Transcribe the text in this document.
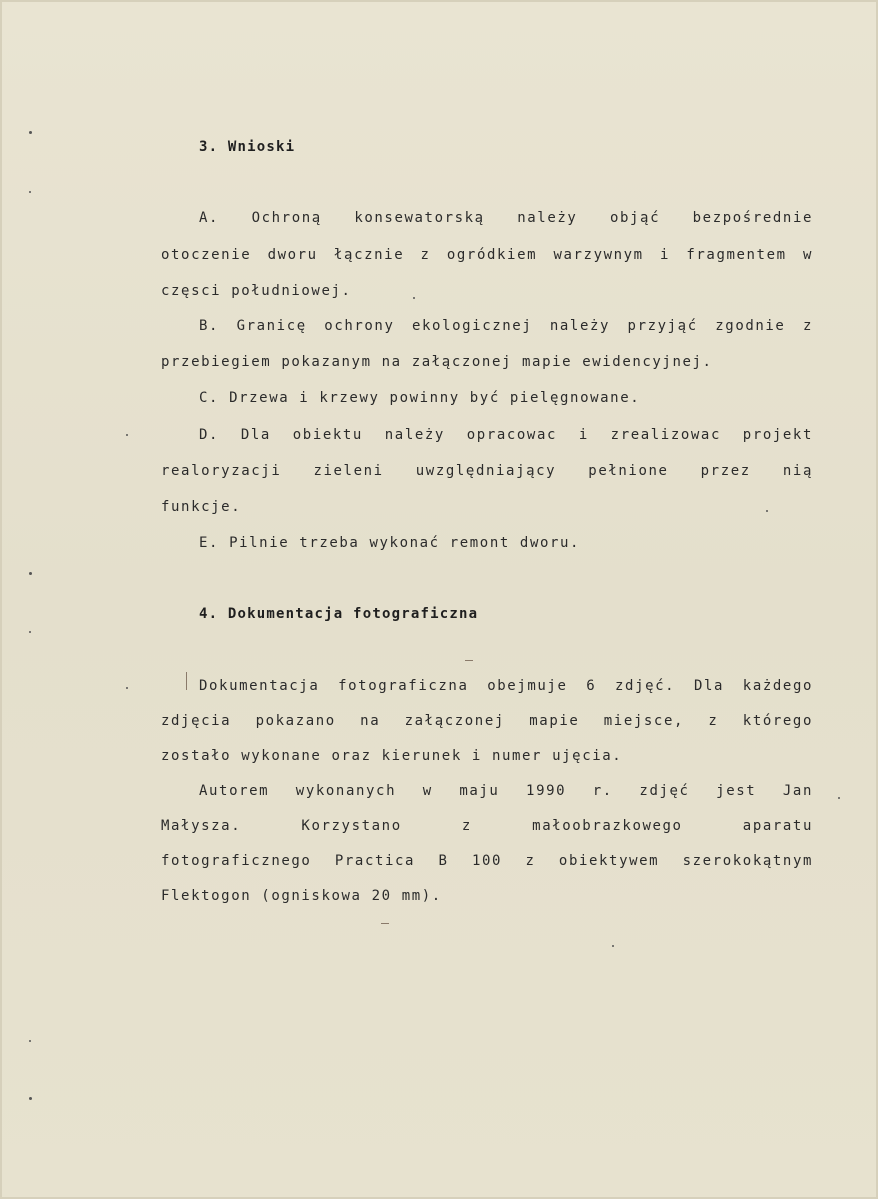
3. Wnioski
A. Ochroną konsewatorską należy objąć bezpośrednie
otoczenie dworu łącznie z ogródkiem warzywnym i fragmentem w
częsci południowej.
B. Granicę ochrony ekologicznej należy przyjąć zgodnie z
przebiegiem pokazanym na załączonej mapie ewidencyjnej.
C. Drzewa i krzewy powinny być pielęgnowane.
D. Dla obiektu należy opracowac i zrealizowac projekt
realoryzacji zieleni uwzględniający pełnione przez nią
funkcje.
E. Pilnie trzeba wykonać remont dworu.
4. Dokumentacja fotograficzna
Dokumentacja fotograficzna obejmuje 6 zdjęć. Dla każdego
zdjęcia pokazano na załączonej mapie miejsce, z którego
zostało wykonane oraz kierunek i numer ujęcia.
Autorem wykonanych w maju 1990 r. zdjęć jest Jan
Małysza. Korzystano z małoobrazkowego aparatu
fotograficznego Practica B 100 z obiektywem szerokokątnym
Flektogon (ogniskowa 20 mm).
